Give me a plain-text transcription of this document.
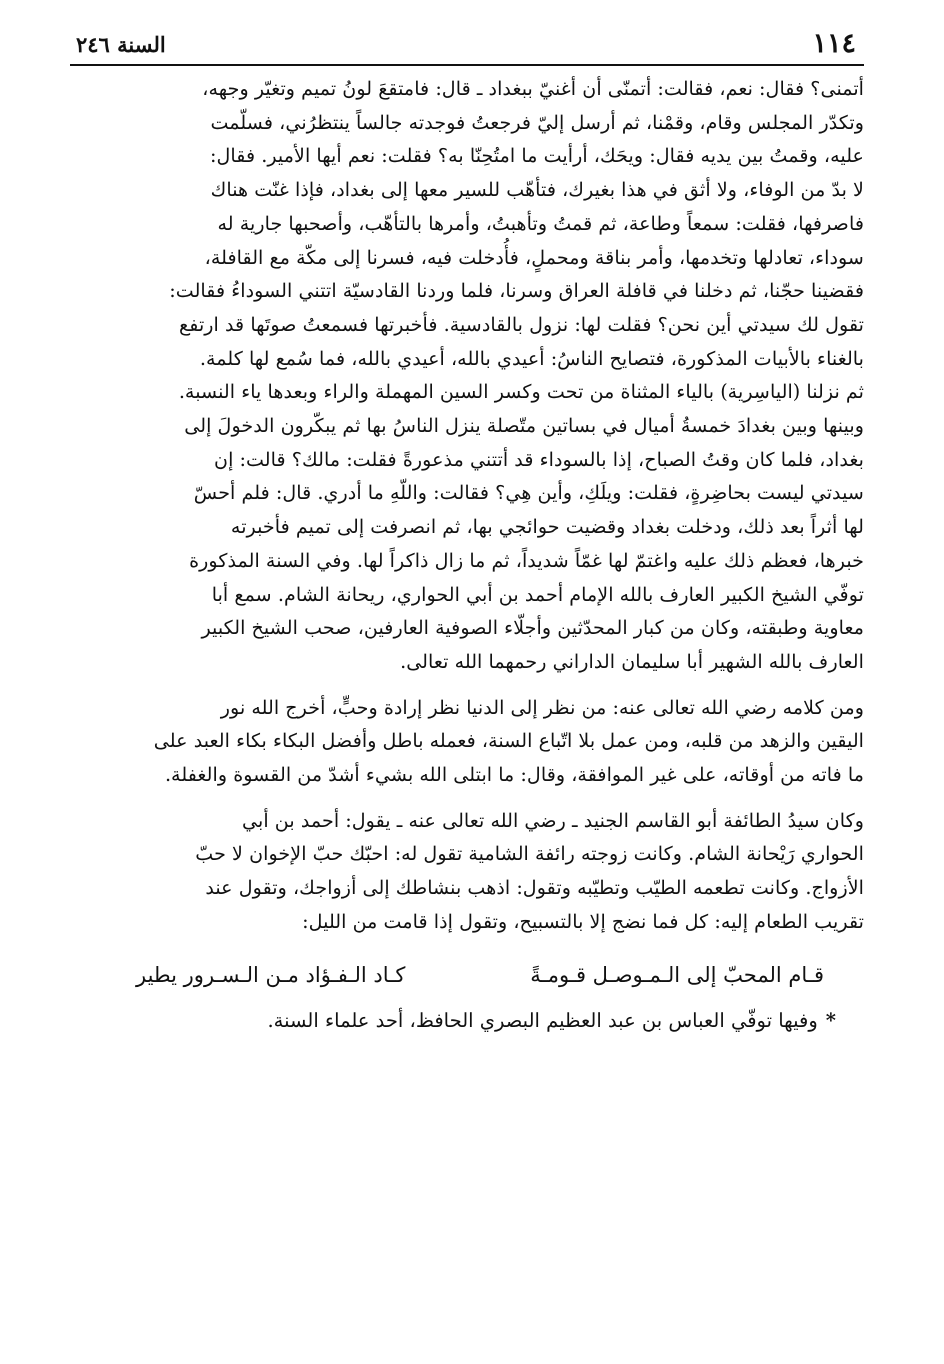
١١٤
السنة ٢٤٦

أتمنى؟ فقال: نعم، فقالت: أتمنّى أن أغنيّ ببغداد ـ قال: فامتقعَ لونُ تميم وتغيّر وجهه،

وتكدّر المجلس وقام، وقمْنا، ثم أرسل إليّ فرجعتُ فوجدته جالساً ينتظرُني، فسلّمت

عليه، وقمتُ بين يديه فقال: ويحَك، أرأيت ما امتُحِنّا به؟ فقلت: نعم أيها الأمير. فقال:

لا بدّ من الوفاء، ولا أثق في هذا بغيرك، فتأهّب للسير معها إلى بغداد، فإذا غنّت هناك

فاصرفها، فقلت: سمعاً وطاعة، ثم قمتُ وتأهبتُ، وأمرها بالتأهّب، وأصحبها جارية له

سوداء، تعادلها وتخدمها، وأمر بناقة ومحملٍ، فأُدخلت فيه، فسرنا إلى مكّة مع القافلة،

فقضينا حجّنا، ثم دخلنا في قافلة العراق وسرنا، فلما وردنا القادسيّة اتتني السوداءُ فقالت:

تقول لك سيدتي أين نحن؟ فقلت لها: نزول بالقادسية. فأخبرتها فسمعتُ صوتَها قد ارتفع

بالغناء بالأبيات المذكورة، فتصايح الناسُ: أعيدي بالله، أعيدي بالله، فما سُمع لها كلمة.

ثم نزلنا (الياسِرية) بالياء المثناة من تحت وكسر السين المهملة والراء وبعدها ياء النسبة.

وبينها وبين بغدادَ خمسةُ أميال في بساتين متّصلة ينزل الناسُ بها ثم يبكّرون الدخولَ إلى

بغداد، فلما كان وقتُ الصباح، إذا بالسوداء قد أتتني مذعورةً فقلت: مالك؟ قالت: إن

سيدتي ليست بحاضِرةٍ، فقلت: ويلَكِ، وأين هِي؟ فقالت: واللّهِ ما أدري. قال: فلم أحسّ

لها أثراً بعد ذلك، ودخلت بغداد وقضيت حوائجي بها، ثم انصرفت إلى تميم فأخبرته

خبرها، فعظم ذلك عليه واغتمّ لها غمّاً شديداً، ثم ما زال ذاكراً لها. وفي السنة المذكورة

توفّي الشيخ الكبير العارف بالله الإمام أحمد بن أبي الحواري، ريحانة الشام. سمع أبا

معاوية وطبقته، وكان من كبار المحدّثين وأجلّاء الصوفية العارفين، صحب الشيخ الكبير

العارف بالله الشهير أبا سليمان الداراني رحمهما الله تعالى.

ومن كلامه رضي الله تعالى عنه: من نظر إلى الدنيا نظر إرادة وحبٍّ، أخرج الله نور

اليقين والزهد من قلبه، ومن عمل بلا اتّباع السنة، فعمله باطل وأفضل البكاء بكاء العبد على

ما فاته من أوقاته، على غير الموافقة، وقال: ما ابتلى الله بشيء أشدّ من القسوة والغفلة.

وكان سيدُ الطائفة أبو القاسم الجنيد ـ رضي الله تعالى عنه ـ يقول: أحمد بن أبي

الحواري رَيْحانة الشام. وكانت زوجته رائفة الشامية تقول له: احبّك حبّ الإخوان لا حبّ

الأزواج. وكانت تطعمه الطيّب وتطيّبه وتقول: اذهب بنشاطك إلى أزواجك، وتقول عند

تقريب الطعام إليه: كل فما نضج إلا بالتسبيح، وتقول إذا قامت من الليل:

قـام المحبّ إلى الـمـوصـل قـومـةً
كـاد الـفـؤاد مـن الـسـرور يطير
*وفيها توفّي العباس بن عبد العظيم البصري الحافظ، أحد علماء السنة.
